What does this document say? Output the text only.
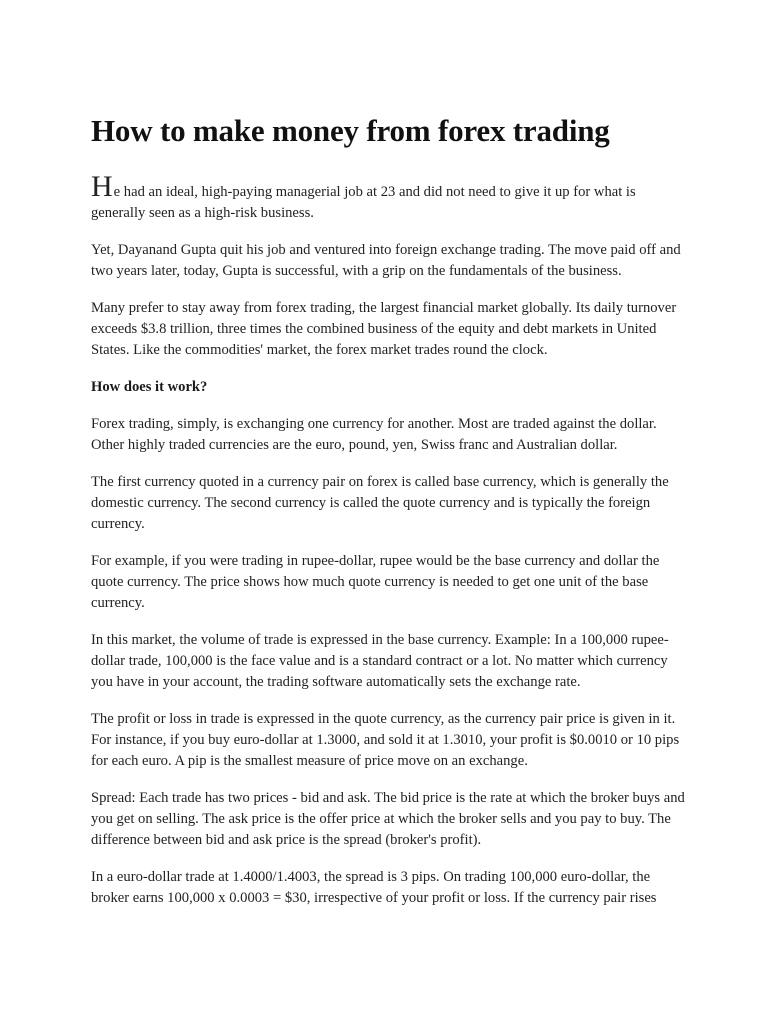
How to make money from forex trading

He had an ideal, high-paying managerial job at 23 and did not need to give it up for what is generally seen as a high-risk business.

Yet, Dayanand Gupta quit his job and ventured into foreign exchange trading. The move paid off and two years later, today, Gupta is successful, with a grip on the fundamentals of the business.

Many prefer to stay away from forex trading, the largest financial market globally. Its daily turnover exceeds $3.8 trillion, three times the combined business of the equity and debt markets in United States. Like the commodities' market, the forex market trades round the clock.

How does it work?

Forex trading, simply, is exchanging one currency for another. Most are traded against the dollar. Other highly traded currencies are the euro, pound, yen, Swiss franc and Australian dollar.

The first currency quoted in a currency pair on forex is called base currency, which is generally the domestic currency. The second currency is called the quote currency and is typically the foreign currency.

For example, if you were trading in rupee-dollar, rupee would be the base currency and dollar the quote currency. The price shows how much quote currency is needed to get one unit of the base currency.

In this market, the volume of trade is expressed in the base currency. Example: In a 100,000 rupee-dollar trade, 100,000 is the face value and is a standard contract or a lot. No matter which currency you have in your account, the trading software automatically sets the exchange rate.

The profit or loss in trade is expressed in the quote currency, as the currency pair price is given in it. For instance, if you buy euro-dollar at 1.3000, and sold it at 1.3010, your profit is $0.0010 or 10 pips for each euro. A pip is the smallest measure of price move on an exchange.

Spread: Each trade has two prices - bid and ask. The bid price is the rate at which the broker buys and you get on selling. The ask price is the offer price at which the broker sells and you pay to buy. The difference between bid and ask price is the spread (broker's profit).

In a euro-dollar trade at 1.4000/1.4003, the spread is 3 pips. On trading 100,000 euro-dollar, the broker earns 100,000 x 0.0003 = $30, irrespective of your profit or loss. If the currency pair rises
